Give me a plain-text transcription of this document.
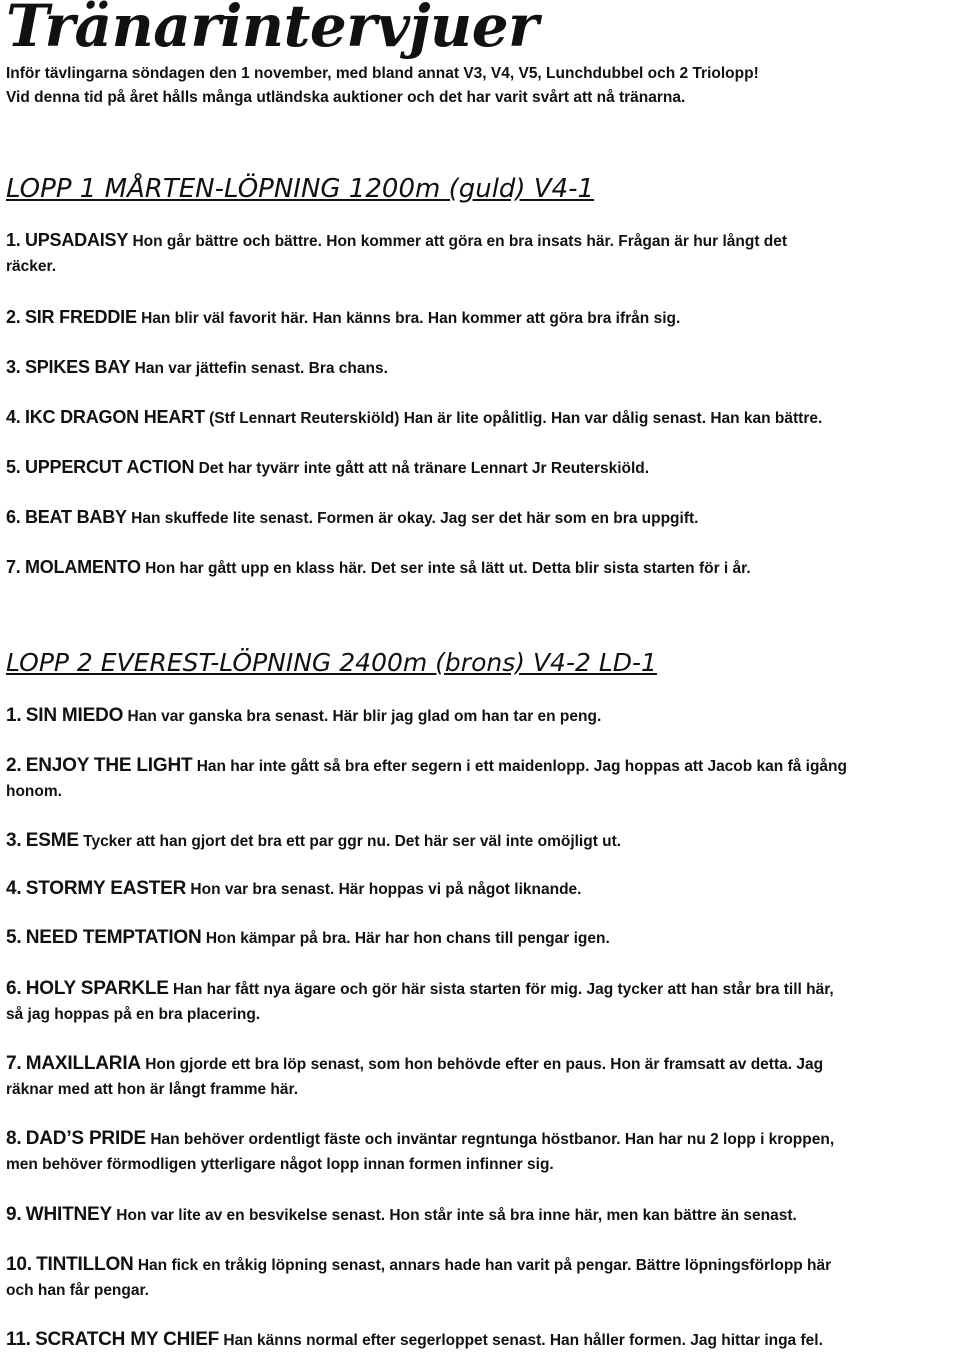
Tränarintervjuer
Inför tävlingarna söndagen den 1 november, med bland annat V3, V4, V5, Lunchdubbel och 2 Triolopp!
Vid denna tid på året hålls många utländska auktioner och det har varit svårt att nå tränarna.
LOPP 1 MÅRTEN-LÖPNING 1200m (guld) V4-1
1. UPSADAISY Hon går bättre och bättre. Hon kommer att göra en bra insats här. Frågan är hur långt det
räcker.
2. SIR FREDDIE Han blir väl favorit här. Han känns bra. Han kommer att göra bra ifrån sig.
3. SPIKES BAY Han var jättefin senast. Bra chans.
4. IKC DRAGON HEART (Stf Lennart Reuterskiöld) Han är lite opålitlig. Han var dålig senast. Han kan bättre.
5. UPPERCUT ACTION Det har tyvärr inte gått att nå tränare Lennart Jr Reuterskiöld.
6. BEAT BABY Han skuffede lite senast. Formen är okay. Jag ser det här som en bra uppgift.
7. MOLAMENTO Hon har gått upp en klass här. Det ser inte så lätt ut. Detta blir sista starten för i år.
LOPP 2 EVEREST-LÖPNING 2400m (brons) V4-2 LD-1
1. SIN MIEDO Han var ganska bra senast. Här blir jag glad om han tar en peng.
2. ENJOY THE LIGHT Han har inte gått så bra efter segern i ett maidenlopp. Jag hoppas att Jacob kan få igång
honom.
3. ESME Tycker att han gjort det bra ett par ggr nu. Det här ser väl inte omöjligt ut.
4. STORMY EASTER Hon var bra senast. Här hoppas vi på något liknande.
5. NEED TEMPTATION Hon kämpar på bra. Här har hon chans till pengar igen.
6. HOLY SPARKLE Han har fått nya ägare och gör här sista starten för mig. Jag tycker att han står bra till här,
så jag hoppas på en bra placering.
7. MAXILLARIA Hon gjorde ett bra löp senast, som hon behövde efter en paus. Hon är framsatt av detta. Jag
räknar med att hon är långt framme här.
8. DAD’S PRIDE Han behöver ordentligt fäste och inväntar regntunga höstbanor. Han har nu 2 lopp i kroppen,
men behöver förmodligen ytterligare något lopp innan formen infinner sig.
9. WHITNEY Hon var lite av en besvikelse senast. Hon står inte så bra inne här, men kan bättre än senast.
10. TINTILLON Han fick en tråkig löpning senast, annars hade han varit på pengar. Bättre löpningsförlopp här
och han får pengar.
11. SCRATCH MY CHIEF Han känns normal efter segerloppet senast. Han håller formen. Jag hittar inga fel.
